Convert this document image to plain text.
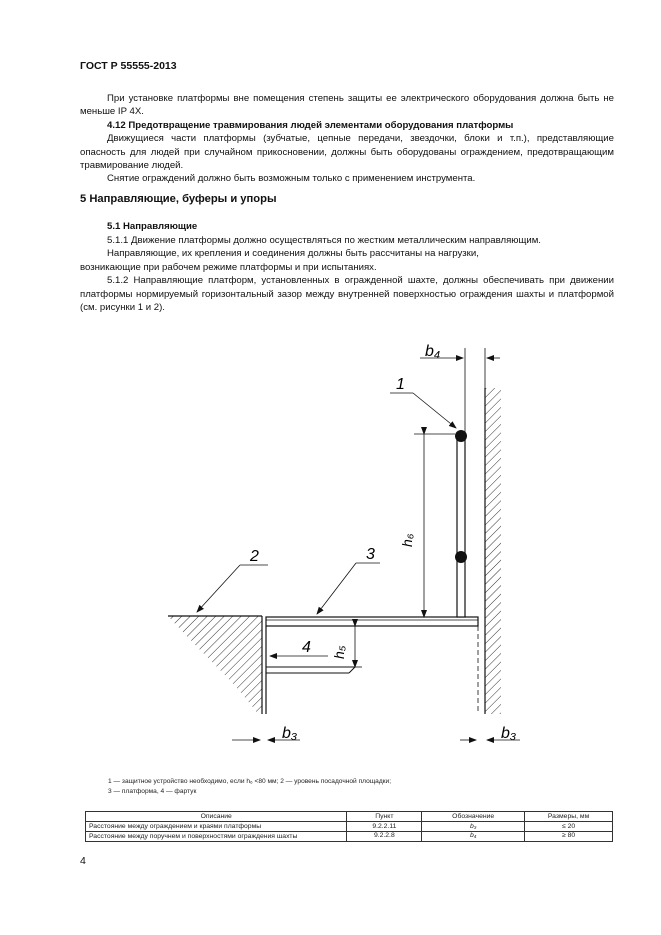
ГОСТ Р 55555-2013

При установке платформы вне помещения степень защиты ее электрического оборудования должна быть не меньше IP 4X.

4.12 Предотвращение травмирования людей элементами оборудования платформы

Движущиеся части платформы (зубчатые, цепные передачи, звездочки, блоки и т.п.), представляющие опасность для людей при случайном прикосновении, должны быть оборудованы ограждением, предотвращающим травмирование людей.

Снятие ограждений должно быть возможным только с применением инструмента.

5 Направляющие, буферы и упоры
5.1 Направляющие

5.1.1 Движение платформы должно осуществляться по жестким металлическим направляющим.

Направляющие, их крепления и соединения должны быть рассчитаны на нагрузки,

возникающие при рабочем режиме платформы и при испытаниях.

5.1.2 Направляющие платформ, установленных в огражденной шахте, должны обеспечивать при движении платформы нормируемый горизонтальный зазор между внутренней поверхностью ограждения шахты и платформой (см. рисунки 1 и 2).

h₆
h₅
b₄
b₃	b₃
1
2	3
4
1 — защитное устройство необходимо, если h₆ <80 мм; 2 — уровень посадочной площадки;
3 — платформа, 4 — фартук
Описание	Пункт	Обозначение	Размеры, мм
Расстояние между ограждением и краями платформы	9.2.2.11	b₃	≤ 20
Расстояние между поручнем и поверхностями ограждения шахты	9.2.2.8	b₄	≥ 80
4
